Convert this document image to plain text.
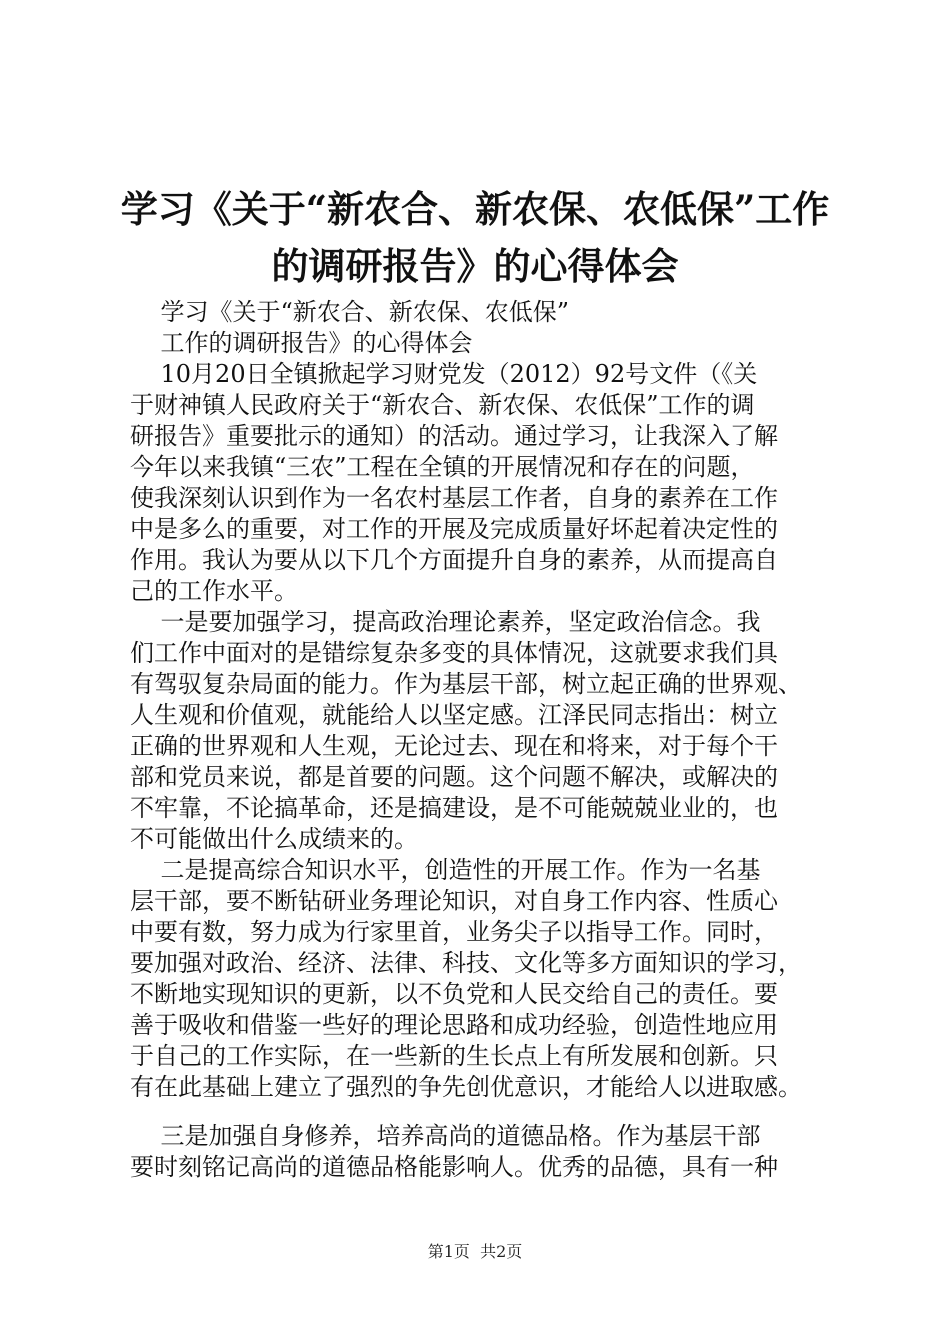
学习《关于“新农合、新农保、农低保”工作
的调研报告》的心得体会
学习《关于“新农合、新农保、农低保”
工作的调研报告》的心得体会
10月20日全镇掀起学习财党发（2012）92号文件（《关
于财神镇人民政府关于“新农合、新农保、农低保”工作的调
研报告》重要批示的通知）的活动。通过学习，让我深入了解
今年以来我镇“三农”工程在全镇的开展情况和存在的问题，
使我深刻认识到作为一名农村基层工作者，自身的素养在工作
中是多么的重要，对工作的开展及完成质量好坏起着决定性的
作用。我认为要从以下几个方面提升自身的素养，从而提高自
己的工作水平。
一是要加强学习，提高政治理论素养，坚定政治信念。我
们工作中面对的是错综复杂多变的具体情况，这就要求我们具
有驾驭复杂局面的能力。作为基层干部，树立起正确的世界观、
人生观和价值观，就能给人以坚定感。江泽民同志指出：树立
正确的世界观和人生观，无论过去、现在和将来，对于每个干
部和党员来说，都是首要的问题。这个问题不解决，或解决的
不牢靠，不论搞革命，还是搞建设，是不可能兢兢业业的，也
不可能做出什么成绩来的。
二是提高综合知识水平，创造性的开展工作。作为一名基
层干部，要不断钻研业务理论知识，对自身工作内容、性质心
中要有数，努力成为行家里首，业务尖子以指导工作。同时，
要加强对政治、经济、法律、科技、文化等多方面知识的学习，
不断地实现知识的更新，以不负党和人民交给自己的责任。要
善于吸收和借鉴一些好的理论思路和成功经验，创造性地应用
于自己的工作实际，在一些新的生长点上有所发展和创新。只
有在此基础上建立了强烈的争先创优意识，才能给人以进取感。
三是加强自身修养，培养高尚的道德品格。作为基层干部
要时刻铭记高尚的道德品格能影响人。优秀的品德，具有一种
第1页  共2页
